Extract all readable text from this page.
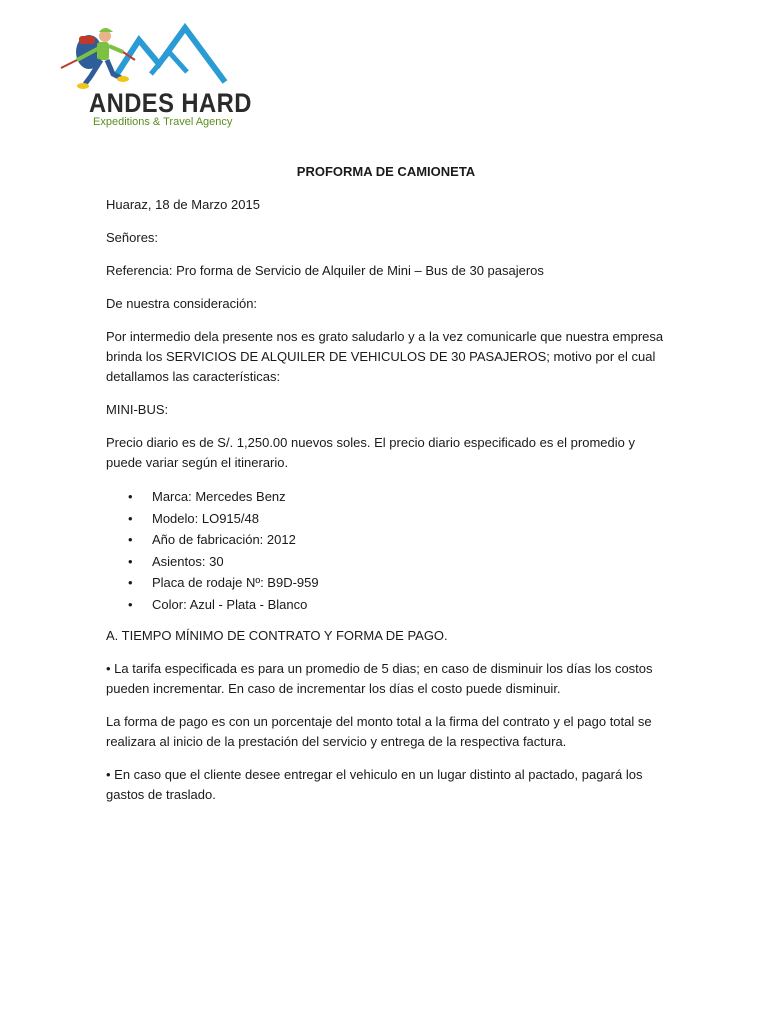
ANDES HARD
Expeditions & Travel Agency
PROFORMA DE CAMIONETA

Huaraz, 18 de Marzo 2015

Señores:

Referencia: Pro forma de Servicio de Alquiler de Mini – Bus de 30 pasajeros

De nuestra consideración:

Por intermedio dela presente nos es grato saludarlo y a la vez comunicarle que nuestra empresa brinda los SERVICIOS DE ALQUILER DE VEHICULOS DE 30 PASAJEROS; motivo por el cual detallamos las características:

MINI-BUS:

Precio diario es de S/. 1,250.00 nuevos soles. El precio diario especificado es el promedio y puede variar según el itinerario.

• Marca: Mercedes Benz
• Modelo: LO915/48
• Año de fabricación: 2012
• Asientos: 30
• Placa de rodaje Nº: B9D-959
• Color: Azul - Plata - Blanco

A. TIEMPO MÍNIMO DE CONTRATO Y FORMA DE PAGO.

• La tarifa especificada es para un promedio de 5 dias; en caso de disminuir los días los costos pueden incrementar. En caso de incrementar los días el costo puede disminuir.

La forma de pago es con un porcentaje del monto total a la firma del contrato y el pago total se realizara al inicio de la prestación del servicio y entrega de la respectiva factura.

• En caso que el cliente desee entregar el vehiculo en un lugar distinto al pactado, pagará los gastos de traslado.
